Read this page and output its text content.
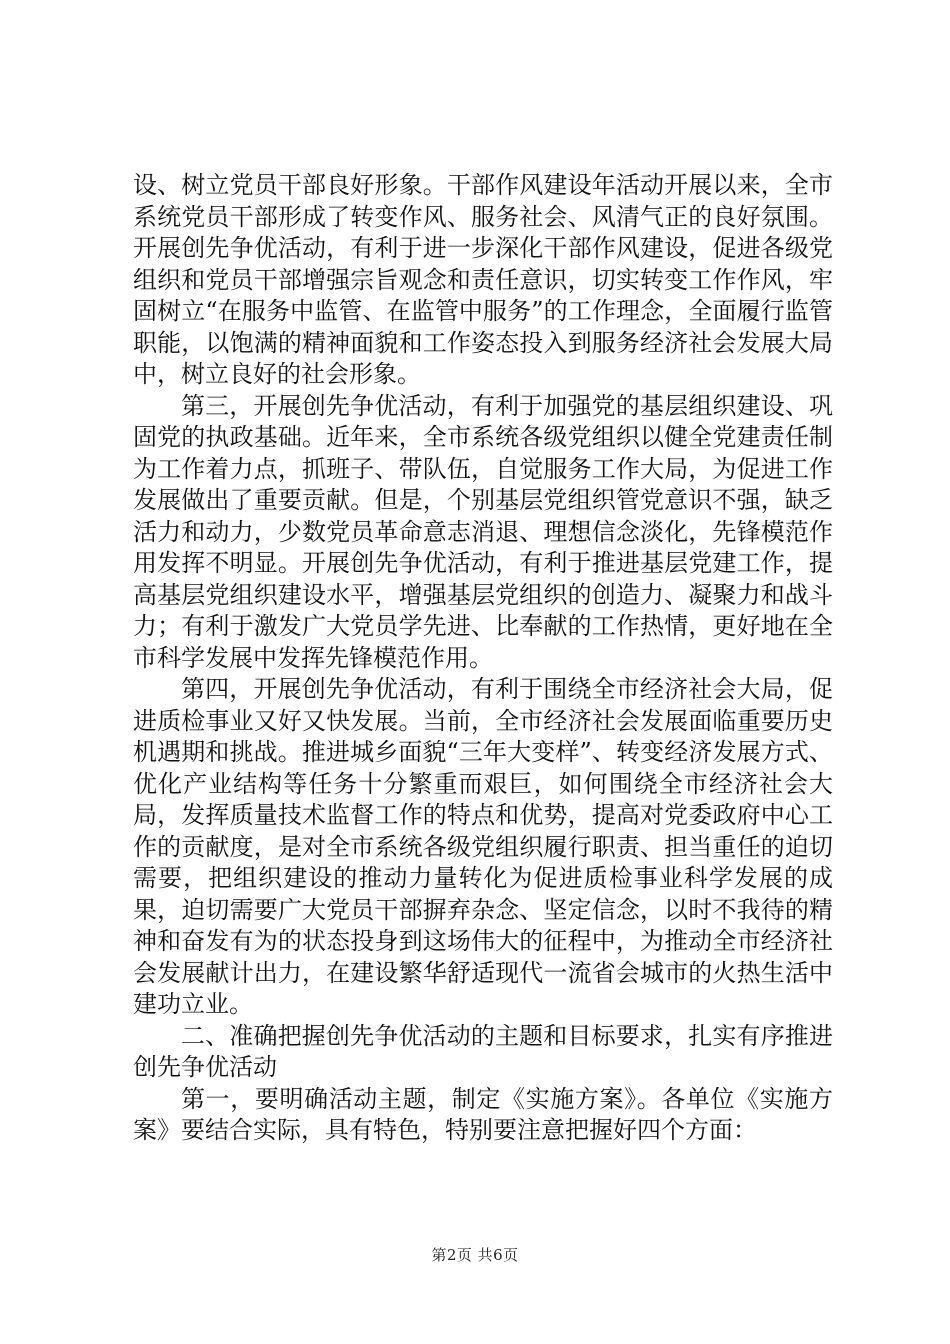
设、树立党员干部良好形象。干部作风建设年活动开展以来，全市系统党员干部形成了转变作风、服务社会、风清气正的良好氛围。开展创先争优活动，有利于进一步深化干部作风建设，促进各级党组织和党员干部增强宗旨观念和责任意识，切实转变工作作风，牢固树立“在服务中监管、在监管中服务”的工作理念，全面履行监管职能，以饱满的精神面貌和工作姿态投入到服务经济社会发展大局中，树立良好的社会形象。

第三，开展创先争优活动，有利于加强党的基层组织建设、巩固党的执政基础。近年来，全市系统各级党组织以健全党建责任制为工作着力点，抓班子、带队伍，自觉服务工作大局，为促进工作发展做出了重要贡献。但是，个别基层党组织管党意识不强，缺乏活力和动力，少数党员革命意志消退、理想信念淡化，先锋模范作用发挥不明显。开展创先争优活动，有利于推进基层党建工作，提高基层党组织建设水平，增强基层党组织的创造力、凝聚力和战斗力；有利于激发广大党员学先进、比奉献的工作热情，更好地在全市科学发展中发挥先锋模范作用。

第四，开展创先争优活动，有利于围绕全市经济社会大局，促进质检事业又好又快发展。当前，全市经济社会发展面临重要历史机遇期和挑战。推进城乡面貌“三年大变样”、转变经济发展方式、优化产业结构等任务十分繁重而艰巨，如何围绕全市经济社会大局，发挥质量技术监督工作的特点和优势，提高对党委政府中心工作的贡献度，是对全市系统各级党组织履行职责、担当重任的迫切需要，把组织建设的推动力量转化为促进质检事业科学发展的成果，迫切需要广大党员干部摒弃杂念、坚定信念，以时不我待的精神和奋发有为的状态投身到这场伟大的征程中，为推动全市经济社会发展献计出力，在建设繁华舒适现代一流省会城市的火热生活中建功立业。

二、准确把握创先争优活动的主题和目标要求，扎实有序推进创先争优活动

第一，要明确活动主题，制定《实施方案》。各单位《实施方案》要结合实际，具有特色，特别要注意把握好四个方面：

第2页 共6页
